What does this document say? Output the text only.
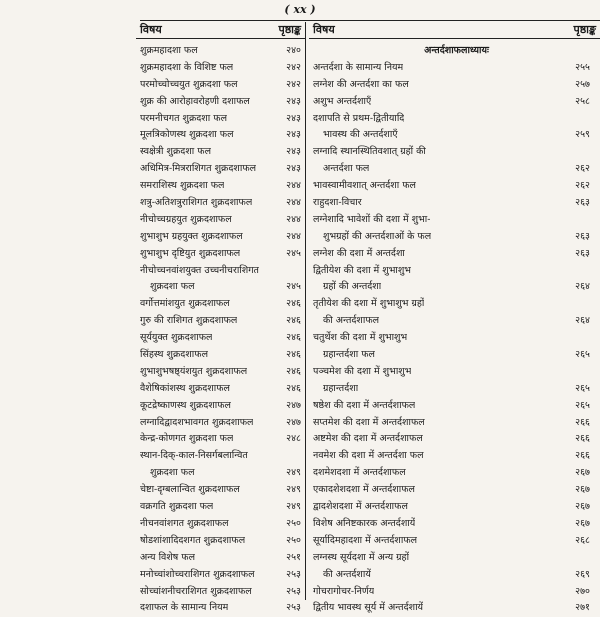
( xx )
विषय	पृष्ठाङ्क
शुक्रमहादशा फल	२४०
शुक्रमहादशा के विशिष्ट फल	२४२
परमोच्चोच्चयुत शुक्रदशा फल	२४२
शुक्र की आरोहावरोहणी दशाफल	२४३
परमनीचगत शुक्रदशा फल	२४३
मूलत्रिकोणस्थ शुक्रदशा फल	२४३
स्वक्षेत्री शुक्रदशा फल	२४३
अधिमित्र-मित्रराशिगत शुक्रदशाफल	२४३
समराशिस्थ शुक्रदशा फल	२४४
शत्रु-अतिशत्रुराशिगत शुक्रदशाफल	२४४
नीचोच्चग्रहयुत शुक्रदशाफल	२४४
शुभाशुभ ग्रहयुक्त शुक्रदशाफल	२४४
शुभाशुभ दृष्टियुत शुक्रदशाफल	२४५
नीचोच्चनवांशयुक्त उच्चनीचराशिगत
शुक्रदशा फल	२४५
वर्गोत्तमांशयुत शुक्रदशाफल	२४६
गुरु की राशिगत शुक्रदशाफल	२४६
सूर्ययुक्त शुक्रदशाफल	२४६
सिंहस्थ शुक्रदशाफल	२४६
शुभाशुभषष्ठ्यंशयुत शुक्रदशाफल	२४६
वैशेषिकांशस्थ शुक्रदशाफल	२४६
कूटद्रेष्काणस्थ शुक्रदशाफल	२४७
लग्नादिद्वादशभावगत शुक्रदशाफल	२४७
केन्द्र-कोणगत शुक्रदशा फल	२४८
स्थान-दिक्-काल-निसर्गबलान्वित
शुक्रदशा फल	२४९
चेष्टा-दृग्बलान्वित शुक्रदशाफल	२४९
वक्रगति शुक्रदशा फल	२४९
नीचनवांशगत शुक्रदशाफल	२५०
षोडशांशादिदशगत शुक्रदशाफल	२५०
अन्य विशेष फल	२५१
मनोच्चांशोच्चराशिगत शुक्रदशाफल	२५३
सोच्चांशनीचराशिगत शुक्रदशाफल	२५३
दशाफल के सामान्य नियम	२५३
विषय	पृष्ठाङ्क
अन्तर्दशाफलाध्यायः
अन्तर्दशा के सामान्य नियम	२५५
लग्नेश की अन्तर्दशा का फल	२५७
अशुभ अन्तर्दशाएँ	२५८
दशापति से प्रथम-द्वितीयादि
भावस्थ की अन्तर्दशाएँ	२५९
लग्नादि स्थानस्थितिवशात् ग्रहों की
अन्तर्दशा फल	२६२
भावस्वामीवशात् अन्तर्दशा फल	२६२
राहुदशा-विचार	२६३
लग्नेशादि भावेशों की दशा में शुभा-
शुभग्रहों की अन्तर्दशाओं के फल	२६३
लग्नेश की दशा में अन्तर्दशा	२६३
द्वितीयेश की दशा में शुभाशुभ
ग्रहों की अन्तर्दशा	२६४
तृतीयेश की दशा में शुभाशुभ ग्रहों
की अन्तर्दशाफल	२६४
चतुर्थेश की दशा में शुभाशुभ
ग्रहान्तर्दशा फल	२६५
पञ्चमेश की दशा में शुभाशुभ
ग्रहान्तर्दशा	२६५
षष्ठेश की दशा में अन्तर्दशाफल	२६५
सप्तमेश की दशा में अन्तर्दशाफल	२६६
अष्टमेश की दशा में अन्तर्दशाफल	२६६
नवमेश की दशा में अन्तर्दशा फल	२६६
दशमेशदशा में अन्तर्दशाफल	२६७
एकादशेशदशा में अन्तर्दशाफल	२६७
द्वादशेशदशा में अन्तर्दशाफल	२६७
विशेष अनिष्टकारक अन्तर्दशायें	२६७
सूर्यादिमहादशा में अन्तर्दशाफल	२६८
लग्नस्थ सूर्यदशा में अन्य ग्रहों
की अन्तर्दशायें	२६९
गोचरागोचर-निर्णय	२७०
द्वितीय भावस्थ सूर्य में अन्तर्दशायें	२७१
